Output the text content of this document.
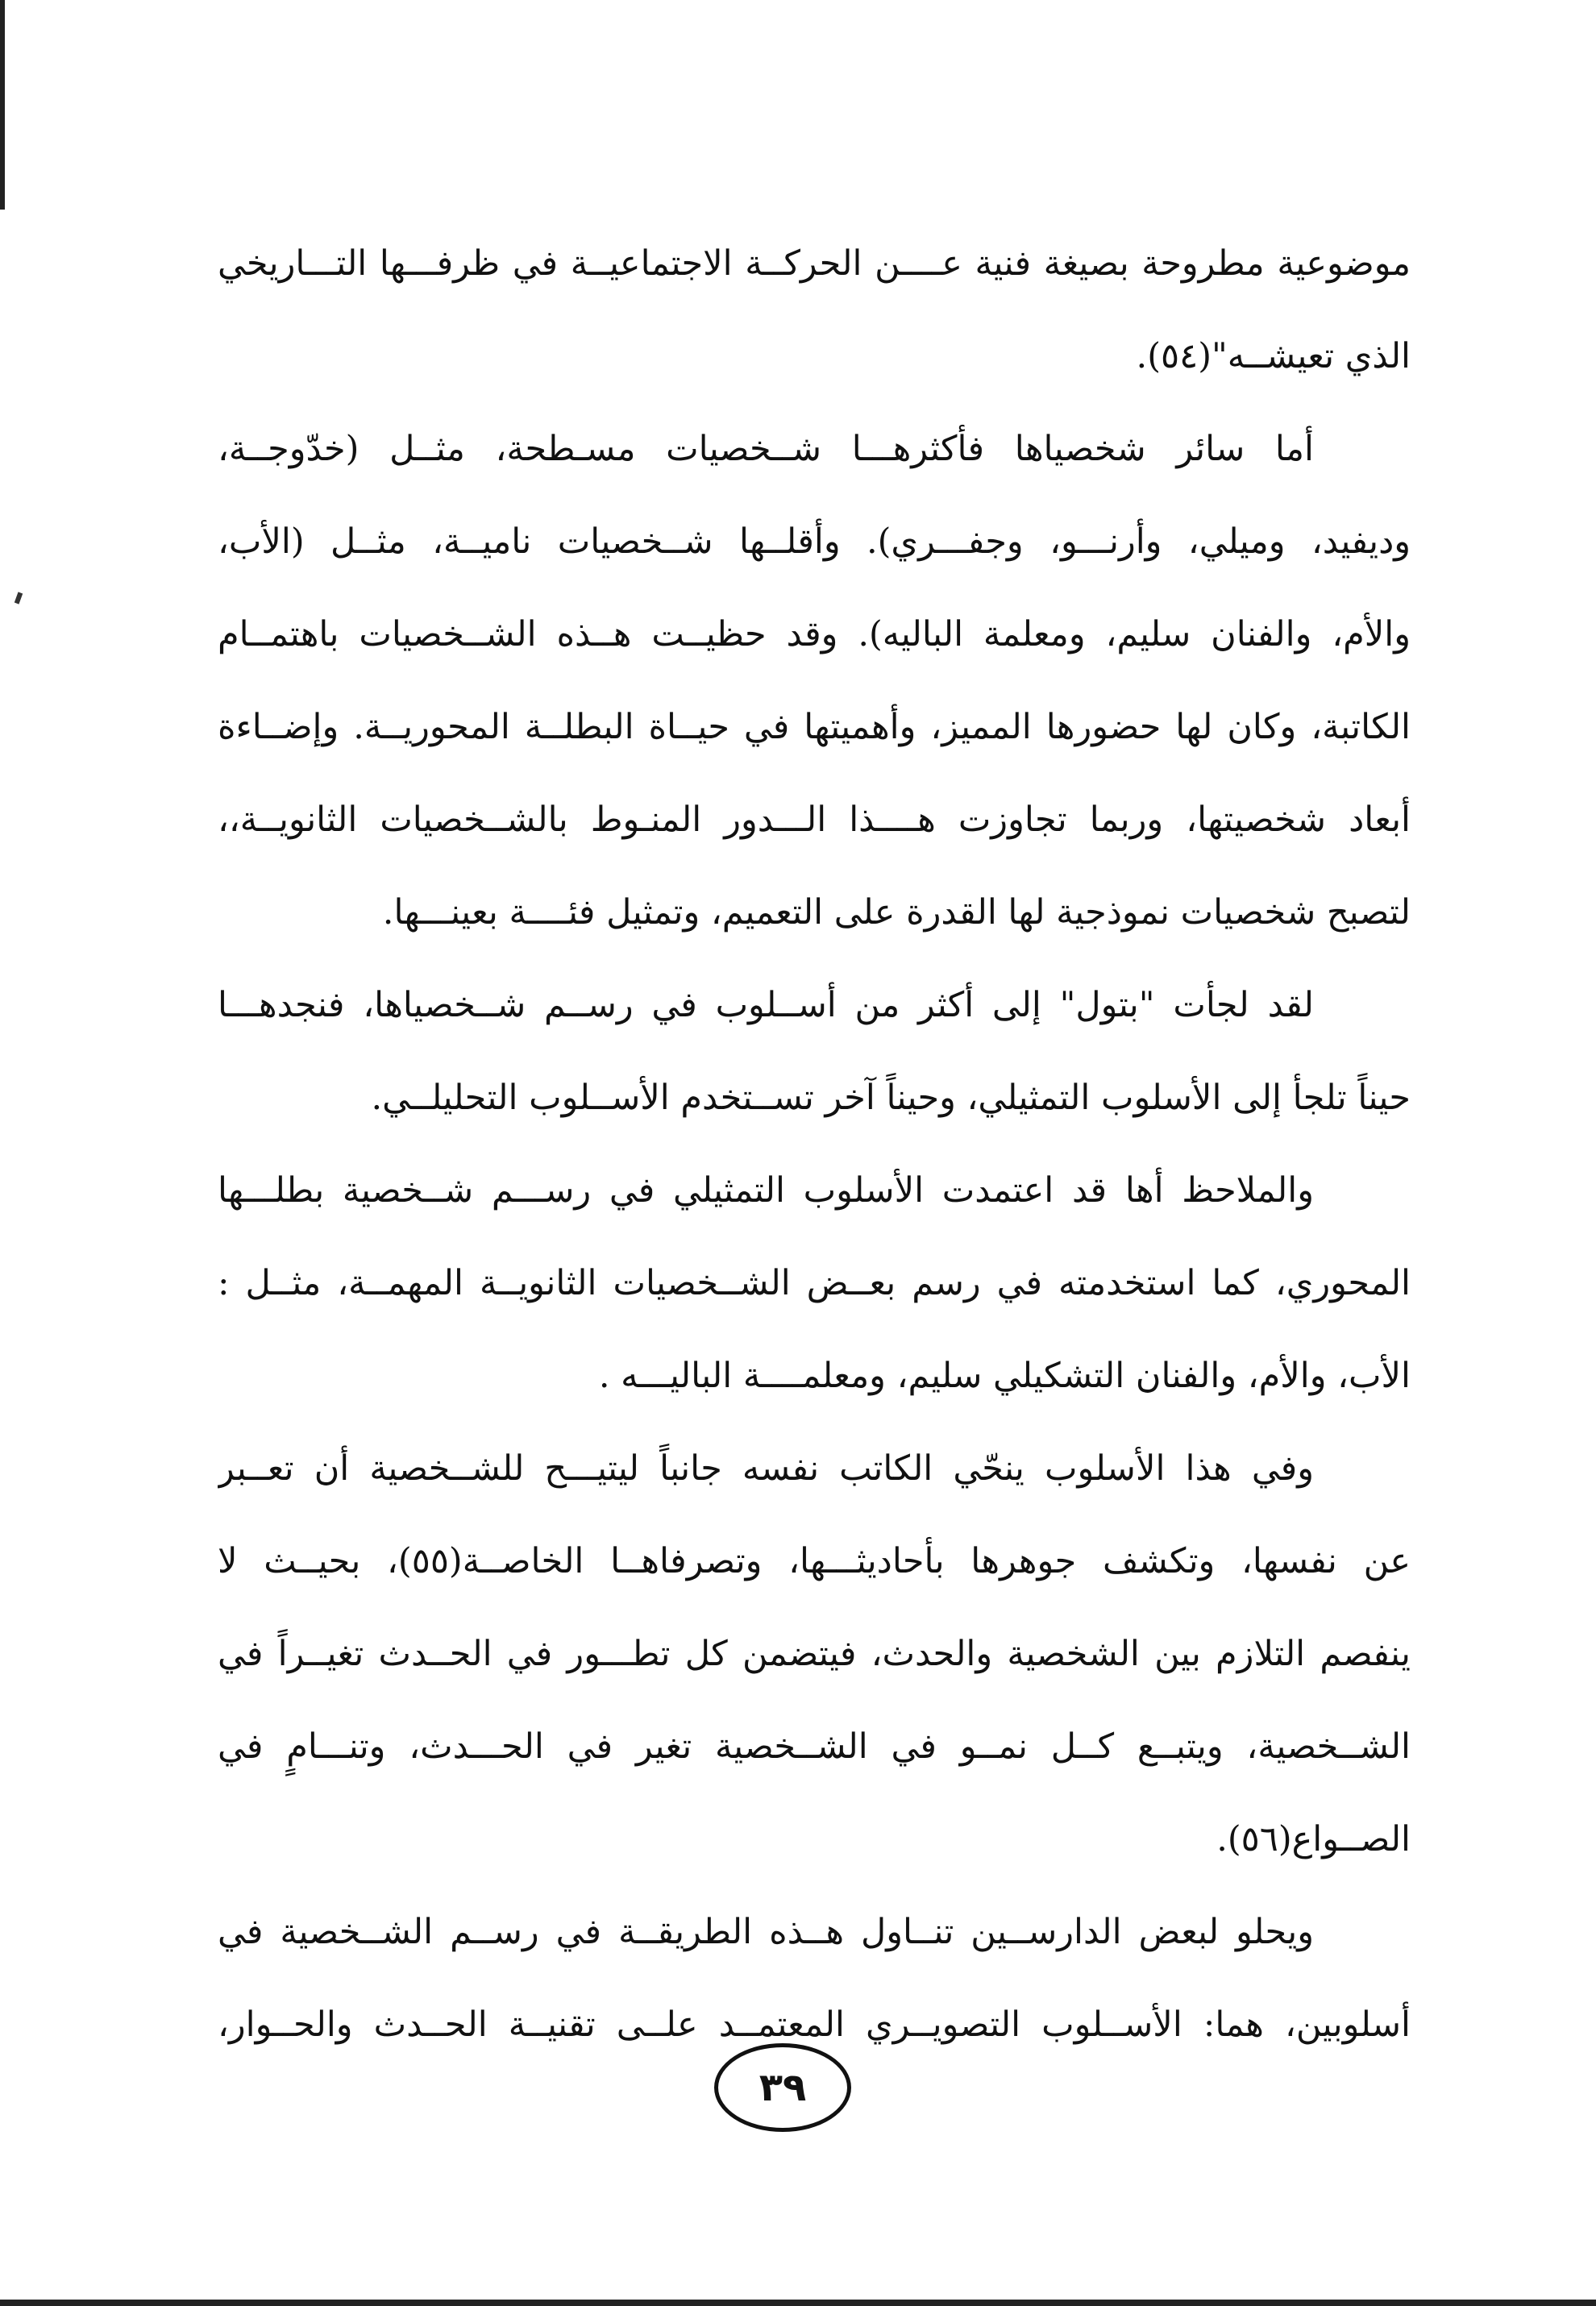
موضوعية مطروحة بصيغة فنية عــــن الحركــة الاجتماعيــة في ظرفـــها التـــاريخي
الذي تعيشــه"(٥٤).
أما سائر شخصياها فأكثرهـــا شــخصيات مسـطحة، مثــل (خدّوجــة،
وديفيد، وميلي، وأرنـــو، وجفـــري). وأقلــها شــخصيات ناميــة، مثــل (الأب،
والأم، والفنان سليم، ومعلمة الباليه). وقد حظيــت هــذه الشــخصيات باهتمــام
الكاتبة، وكان لها حضورها المميز، وأهميتها في حيــاة البطلــة المحوريــة. وإضــاءة
أبعاد شخصيتها، وربما تجاوزت هــــذا الـــدور المنـوط بالشــخصيات الثانويــة،،
لتصبح شخصيات نموذجية لها القدرة على التعميم، وتمثيل فئــــة بعينـــها.
لقد لجأت "بتول" إلى أكثر من أســلوب في رســم شــخصياها، فنجدهـــا
حيناً تلجأ إلى الأسلوب التمثيلي، وحيناً آخر تســتخدم الأســلوب التحليلــي.
والملاحظ أها قد اعتمدت الأسلوب التمثيلي في رســـم شــخصية بطلـــها
المحوري، كما استخدمته في رسم بعــض الشــخصيات الثانويــة المهمــة، مثــل :
الأب، والأم، والفنان التشكيلي سليم، ومعلمــــة الباليـــه .
وفي هذا الأسلوب ينحّي الكاتب نفسه جانباً ليتيـــح للشــخصية أن تعــبر
عن نفسها، وتكشف جوهرها بأحاديثـــها، وتصرفاهــا الخاصــة(٥٥)، بحيــث لا
ينفصم التلازم بين الشخصية والحدث، فيتضمن كل تطـــور في الحــدث تغيــراً في
الشــخصية، ويتبــع كــل نمــو في الشــخصية تغير في الحـــدث، وتنـــامٍ في
الصــواع(٥٦).
ويحلو لبعض الدارســين تنــاول هــذه الطريقــة في رســم الشــخصية في
أسلوبين، هما: الأســلوب التصويــري المعتمــد علــى تقنيــة الحــدث والحــوار،
٣٩
